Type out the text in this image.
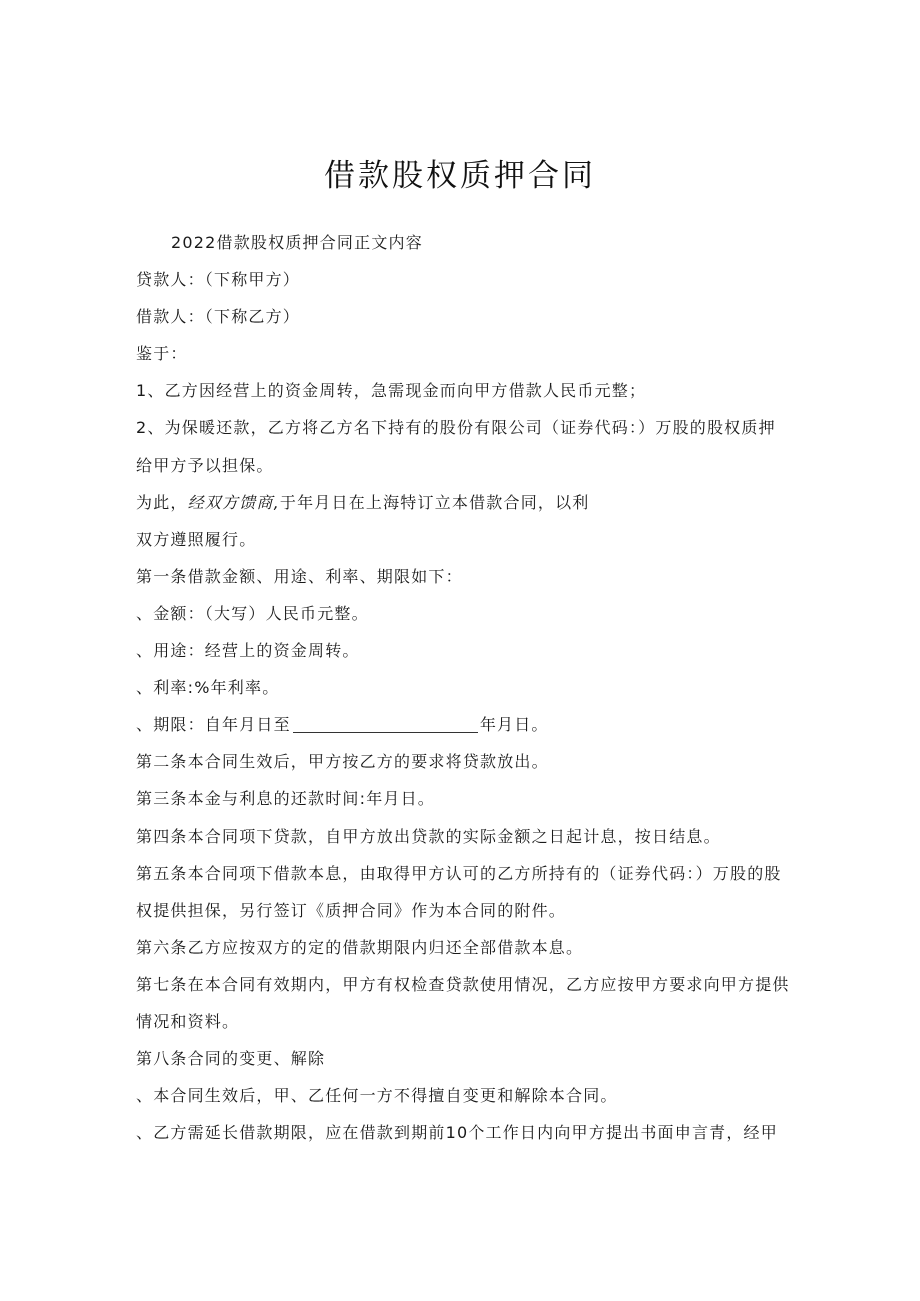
借款股权质押合同
2022借款股权质押合同正文内容
贷款人：（下称甲方）
借款人：（下称乙方）
鉴于：
1、乙方因经营上的资金周转，急需现金而向甲方借款人民币元整；
2、为保暖还款，乙方将乙方名下持有的股份有限公司（证券代码：）万股的股权质押
给甲方予以担保。
为此，经双方馈商,于年月日在上海特订立本借款合同，以利
双方遵照履行。
第一条借款金额、用途、利率、期限如下：
、金额：（大写）人民币元整。
、用途：经营上的资金周转。
、利率:%年利率。
、期限：自年月日至	年月日。
第二条本合同生效后，甲方按乙方的要求将贷款放出。
第三条本金与利息的还款时间:年月日。
第四条本合同项下贷款，自甲方放出贷款的实际金额之日起计息，按日结息。
第五条本合同项下借款本息，由取得甲方认可的乙方所持有的（证券代码：）万股的股
权提供担保，另行签订《质押合同》作为本合同的附件。
第六条乙方应按双方的定的借款期限内归还全部借款本息。
第七条在本合同有效期内，甲方有权检查贷款使用情况，乙方应按甲方要求向甲方提供
情况和资料。
第八条合同的变更、解除
、本合同生效后，甲、乙任何一方不得擅自变更和解除本合同。
、乙方需延长借款期限，应在借款到期前10个工作日内向甲方提出书面申言青，经甲
